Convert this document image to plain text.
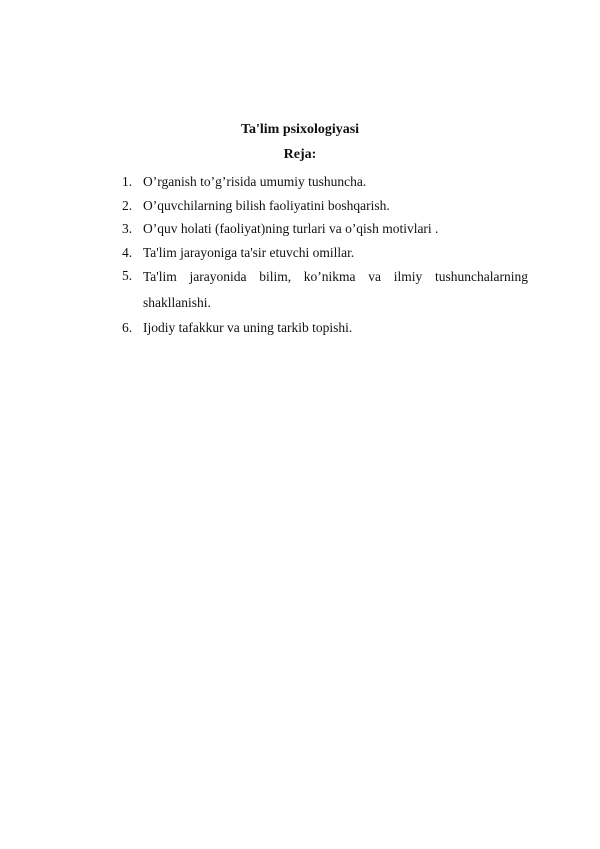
Ta'lim psixologiyasi
Reja:
1. O’rganish to’g’risida umumiy tushuncha.
2. O’quvchilarning bilish faoliyatini boshqarish.
3. O’quv holati (faoliyat)ning turlari va o’qish motivlari .
4. Ta'lim jarayoniga ta'sir etuvchi omillar.
5. Ta'lim jarayonida bilim, ko’nikma va ilmiy tushunchalarning
shakllanishi.
6. Ijodiy tafakkur va uning tarkib topishi.
